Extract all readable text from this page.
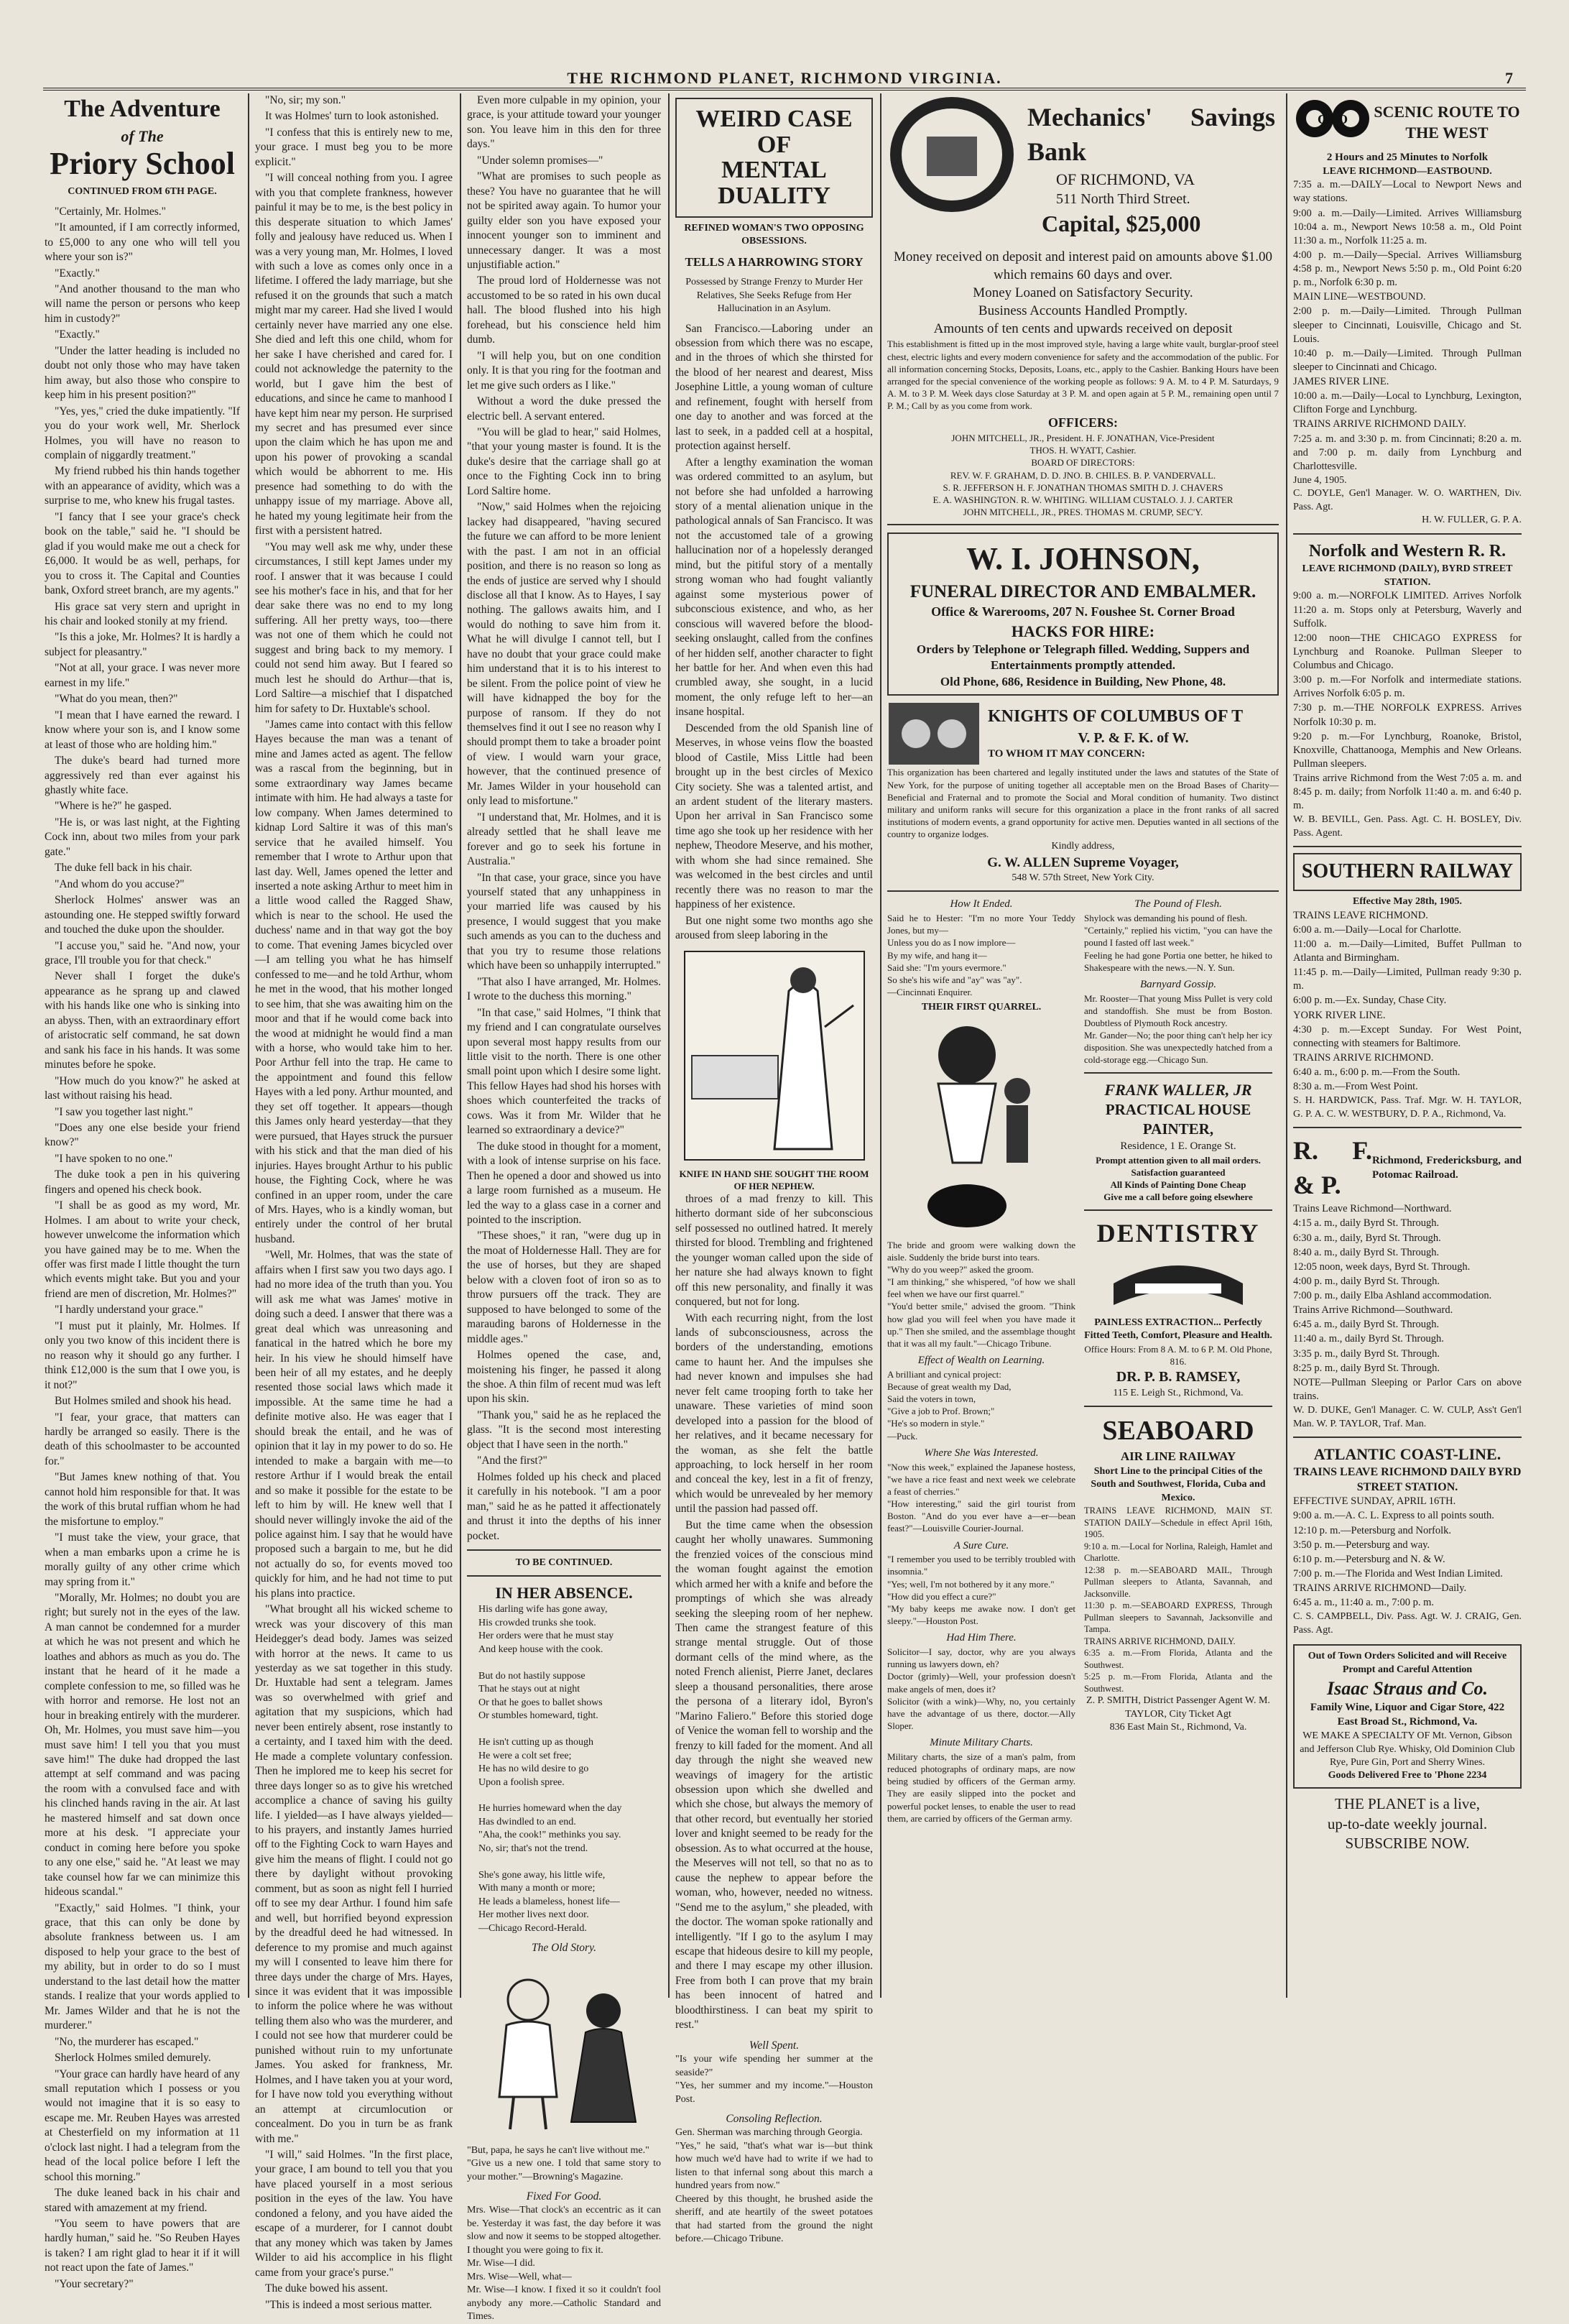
THE RICHMOND PLANET, RICHMOND VIRGINIA.	7
The Adventure
of The
Priory School
CONTINUED FROM 6TH PAGE.

"Certainly, Mr. Holmes."

"It amounted, if I am correctly informed, to £5,000 to any one who will tell you where your son is?"

"Exactly."

"And another thousand to the man who will name the person or persons who keep him in custody?"

"Exactly."

"Under the latter heading is included no doubt not only those who may have taken him away, but also those who conspire to keep him in his present position?"

"Yes, yes," cried the duke impatiently. "If you do your work well, Mr. Sherlock Holmes, you will have no reason to complain of niggardly treatment."

My friend rubbed his thin hands together with an appearance of avidity, which was a surprise to me, who knew his frugal tastes.

"I fancy that I see your grace's check book on the table," said he. "I should be glad if you would make me out a check for £6,000. It would be as well, perhaps, for you to cross it. The Capital and Counties bank, Oxford street branch, are my agents."

His grace sat very stern and upright in his chair and looked stonily at my friend.

"Is this a joke, Mr. Holmes? It is hardly a subject for pleasantry."

"Not at all, your grace. I was never more earnest in my life."

"What do you mean, then?"

"I mean that I have earned the reward. I know where your son is, and I know some at least of those who are holding him."

The duke's beard had turned more aggressively red than ever against his ghastly white face.

"Where is he?" he gasped.

"He is, or was last night, at the Fighting Cock inn, about two miles from your park gate."

The duke fell back in his chair.

"And whom do you accuse?"

Sherlock Holmes' answer was an astounding one. He stepped swiftly forward and touched the duke upon the shoulder.

"I accuse you," said he. "And now, your grace, I'll trouble you for that check."

Never shall I forget the duke's appearance as he sprang up and clawed with his hands like one who is sinking into an abyss. Then, with an extraordinary effort of aristocratic self command, he sat down and sank his face in his hands. It was some minutes before he spoke.

"How much do you know?" he asked at last without raising his head.

"I saw you together last night."

"Does any one else beside your friend know?"

"I have spoken to no one."

The duke took a pen in his quivering fingers and opened his check book.

"I shall be as good as my word, Mr. Holmes. I am about to write your check, however unwelcome the information which you have gained may be to me. When the offer was first made I little thought the turn which events might take. But you and your friend are men of discretion, Mr. Holmes?"

"I hardly understand your grace."

"I must put it plainly, Mr. Holmes. If only you two know of this incident there is no reason why it should go any further. I think £12,000 is the sum that I owe you, is it not?"

But Holmes smiled and shook his head.

"I fear, your grace, that matters can hardly be arranged so easily. There is the death of this schoolmaster to be accounted for."

"But James knew nothing of that. You cannot hold him responsible for that. It was the work of this brutal ruffian whom he had the misfortune to employ."

"I must take the view, your grace, that when a man embarks upon a crime he is morally guilty of any other crime which may spring from it."

"Morally, Mr. Holmes; no doubt you are right; but surely not in the eyes of the law. A man cannot be condemned for a murder at which he was not present and which he loathes and abhors as much as you do. The instant that he heard of it he made a complete confession to me, so filled was he with horror and remorse. He lost not an hour in breaking entirely with the murderer. Oh, Mr. Holmes, you must save him—you must save him! I tell you that you must save him!" The duke had dropped the last attempt at self command and was pacing the room with a convulsed face and with his clinched hands raving in the air. At last he mastered himself and sat down once more at his desk. "I appreciate your conduct in coming here before you spoke to any one else," said he. "At least we may take counsel how far we can minimize this hideous scandal."

"Exactly," said Holmes. "I think, your grace, that this can only be done by absolute frankness between us. I am disposed to help your grace to the best of my ability, but in order to do so I must understand to the last detail how the matter stands. I realize that your words applied to Mr. James Wilder and that he is not the murderer."

"No, the murderer has escaped."

Sherlock Holmes smiled demurely.

"Your grace can hardly have heard of any small reputation which I possess or you would not imagine that it is so easy to escape me. Mr. Reuben Hayes was arrested at Chesterfield on my information at 11 o'clock last night. I had a telegram from the head of the local police before I left the school this morning."

The duke leaned back in his chair and stared with amazement at my friend.

"You seem to have powers that are hardly human," said he. "So Reuben Hayes is taken? I am right glad to hear it if it will not react upon the fate of James."

"Your secretary?"

"No, sir; my son."

It was Holmes' turn to look astonished.

"I confess that this is entirely new to me, your grace. I must beg you to be more explicit."

"I will conceal nothing from you. I agree with you that complete frankness, however painful it may be to me, is the best policy in this desperate situation to which James' folly and jealousy have reduced us. When I was a very young man, Mr. Holmes, I loved with such a love as comes only once in a lifetime. I offered the lady marriage, but she refused it on the grounds that such a match might mar my career. Had she lived I would certainly never have married any one else. She died and left this one child, whom for her sake I have cherished and cared for. I could not acknowledge the paternity to the world, but I gave him the best of educations, and since he came to manhood I have kept him near my person. He surprised my secret and has presumed ever since upon the claim which he has upon me and upon his power of provoking a scandal which would be abhorrent to me. His presence had something to do with the unhappy issue of my marriage. Above all, he hated my young legitimate heir from the first with a persistent hatred.

"You may well ask me why, under these circumstances, I still kept James under my roof. I answer that it was because I could see his mother's face in his, and that for her dear sake there was no end to my long suffering. All her pretty ways, too—there was not one of them which he could not suggest and bring back to my memory. I could not send him away. But I feared so much lest he should do Arthur—that is, Lord Saltire—a mischief that I dispatched him for safety to Dr. Huxtable's school.

"James came into contact with this fellow Hayes because the man was a tenant of mine and James acted as agent. The fellow was a rascal from the beginning, but in some extraordinary way James became intimate with him. He had always a taste for low company. When James determined to kidnap Lord Saltire it was of this man's service that he availed himself. You remember that I wrote to Arthur upon that last day. Well, James opened the letter and inserted a note asking Arthur to meet him in a little wood called the Ragged Shaw, which is near to the school. He used the duchess' name and in that way got the boy to come. That evening James bicycled over—I am telling you what he has himself confessed to me—and he told Arthur, whom he met in the wood, that his mother longed to see him, that she was awaiting him on the moor and that if he would come back into the wood at midnight he would find a man with a horse, who would take him to her. Poor Arthur fell into the trap. He came to the appointment and found this fellow Hayes with a led pony. Arthur mounted, and they set off together. It appears—though this James only heard yesterday—that they were pursued, that Hayes struck the pursuer with his stick and that the man died of his injuries. Hayes brought Arthur to his public house, the Fighting Cock, where he was confined in an upper room, under the care of Mrs. Hayes, who is a kindly woman, but entirely under the control of her brutal husband.

"Well, Mr. Holmes, that was the state of affairs when I first saw you two days ago. I had no more idea of the truth than you. You will ask me what was James' motive in doing such a deed. I answer that there was a great deal which was unreasoning and fanatical in the hatred which he bore my heir. In his view he should himself have been heir of all my estates, and he deeply resented those social laws which made it impossible. At the same time he had a definite motive also. He was eager that I should break the entail, and he was of opinion that it lay in my power to do so. He intended to make a bargain with me—to restore Arthur if I would break the entail and so make it possible for the estate to be left to him by will. He knew well that I should never willingly invoke the aid of the police against him. I say that he would have proposed such a bargain to me, but he did not actually do so, for events moved too quickly for him, and he had not time to put his plans into practice.

"What brought all his wicked scheme to wreck was your discovery of this man Heidegger's dead body. James was seized with horror at the news. It came to us yesterday as we sat together in this study. Dr. Huxtable had sent a telegram. James was so overwhelmed with grief and agitation that my suspicions, which had never been entirely absent, rose instantly to a certainty, and I taxed him with the deed. He made a complete voluntary confession. Then he implored me to keep his secret for three days longer so as to give his wretched accomplice a chance of saving his guilty life. I yielded—as I have always yielded—to his prayers, and instantly James hurried off to the Fighting Cock to warn Hayes and give him the means of flight. I could not go there by daylight without provoking comment, but as soon as night fell I hurried off to see my dear Arthur. I found him safe and well, but horrified beyond expression by the dreadful deed he had witnessed. In deference to my promise and much against my will I consented to leave him there for three days under the charge of Mrs. Hayes, since it was evident that it was impossible to inform the police where he was without telling them also who was the murderer, and I could not see how that murderer could be punished without ruin to my unfortunate James. You asked for frankness, Mr. Holmes, and I have taken you at your word, for I have now told you everything without an attempt at circumlocution or concealment. Do you in turn be as frank with me."

"I will," said Holmes. "In the first place, your grace, I am bound to tell you that you have placed yourself in a most serious position in the eyes of the law. You have condoned a felony, and you have aided the escape of a murderer, for I cannot doubt that any money which was taken by James Wilder to aid his accomplice in his flight came from your grace's purse."

The duke bowed his assent.

"This is indeed a most serious matter.

Even more culpable in my opinion, your grace, is your attitude toward your younger son. You leave him in this den for three days."

"Under solemn promises—"

"What are promises to such people as these? You have no guarantee that he will not be spirited away again. To humor your guilty elder son you have exposed your innocent younger son to imminent and unnecessary danger. It was a most unjustifiable action."

The proud lord of Holdernesse was not accustomed to be so rated in his own ducal hall. The blood flushed into his high forehead, but his conscience held him dumb.

"I will help you, but on one condition only. It is that you ring for the footman and let me give such orders as I like."

Without a word the duke pressed the electric bell. A servant entered.

"You will be glad to hear," said Holmes, "that your young master is found. It is the duke's desire that the carriage shall go at once to the Fighting Cock inn to bring Lord Saltire home.

"Now," said Holmes when the rejoicing lackey had disappeared, "having secured the future we can afford to be more lenient with the past. I am not in an official position, and there is no reason so long as the ends of justice are served why I should disclose all that I know. As to Hayes, I say nothing. The gallows awaits him, and I would do nothing to save him from it. What he will divulge I cannot tell, but I have no doubt that your grace could make him understand that it is to his interest to be silent. From the police point of view he will have kidnapped the boy for the purpose of ransom. If they do not themselves find it out I see no reason why I should prompt them to take a broader point of view. I would warn your grace, however, that the continued presence of Mr. James Wilder in your household can only lead to misfortune."

"I understand that, Mr. Holmes, and it is already settled that he shall leave me forever and go to seek his fortune in Australia."

"In that case, your grace, since you have yourself stated that any unhappiness in your married life was caused by his presence, I would suggest that you make such amends as you can to the duchess and that you try to resume those relations which have been so unhappily interrupted."

"That also I have arranged, Mr. Holmes. I wrote to the duchess this morning."

"In that case," said Holmes, "I think that my friend and I can congratulate ourselves upon several most happy results from our little visit to the north. There is one other small point upon which I desire some light. This fellow Hayes had shod his horses with shoes which counterfeited the tracks of cows. Was it from Mr. Wilder that he learned so extraordinary a device?"

The duke stood in thought for a moment, with a look of intense surprise on his face. Then he opened a door and showed us into a large room furnished as a museum. He led the way to a glass case in a corner and pointed to the inscription.

"These shoes," it ran, "were dug up in the moat of Holdernesse Hall. They are for the use of horses, but they are shaped below with a cloven foot of iron so as to throw pursuers off the track. They are supposed to have belonged to some of the marauding barons of Holdernesse in the middle ages."

Holmes opened the case, and, moistening his finger, he passed it along the shoe. A thin film of recent mud was left upon his skin.

"Thank you," said he as he replaced the glass. "It is the second most interesting object that I have seen in the north."

"And the first?"

Holmes folded up his check and placed it carefully in his notebook. "I am a poor man," said he as he patted it affectionately and thrust it into the depths of his inner pocket.

TO BE CONTINUED.
IN HER ABSENCE.
His darling wife has gone away,
His crowded trunks she took.
Her orders were that he must stay
And keep house with the cook.

But do not hastily suppose
That he stays out at night
Or that he goes to ballet shows
Or stumbles homeward, tight.

He isn't cutting up as though
He were a colt set free;
He has no wild desire to go
Upon a foolish spree.

He hurries homeward when the day
Has dwindled to an end.
"Aha, the cook!" methinks you say.
No, sir; that's not the trend.

She's gone away, his little wife,
With many a month or more;
He leads a blameless, honest life—
Her mother lives next door.
—Chicago Record-Herald.
The Old Story.
"But, papa, he says he can't live without me."
"Give us a new one. I told that same story to your mother."—Browning's Magazine.
Fixed For Good.
Mrs. Wise—That clock's an eccentric as it can be. Yesterday it was fast, the day before it was slow and now it seems to be stopped altogether. I thought you were going to fix it.
Mr. Wise—I did.
Mrs. Wise—Well, what—
Mr. Wise—I know. I fixed it so it couldn't fool anybody any more.—Catholic Standard and Times.
WEIRD CASE OF
MENTAL DUALITY
REFINED WOMAN'S TWO OPPOSING OBSESSIONS.
TELLS A HARROWING STORY
Possessed by Strange Frenzy to Murder Her Relatives, She Seeks Refuge from Her Hallucination in an Asylum.

San Francisco.—Laboring under an obsession from which there was no escape, and in the throes of which she thirsted for the blood of her nearest and dearest, Miss Josephine Little, a young woman of culture and refinement, fought with herself from one day to another and was forced at the last to seek, in a padded cell at a hospital, protection against herself.

After a lengthy examination the woman was ordered committed to an asylum, but not before she had unfolded a harrowing story of a mental alienation unique in the pathological annals of San Francisco. It was not the accustomed tale of a growing hallucination nor of a hopelessly deranged mind, but the pitiful story of a mentally strong woman who had fought valiantly against some mysterious power of subconscious existence, and who, as her conscious will wavered before the blood-seeking onslaught, called from the confines of her hidden self, another character to fight her battle for her. And when even this had crumbled away, she sought, in a lucid moment, the only refuge left to her—an insane hospital.

Descended from the old Spanish line of Meserves, in whose veins flow the boasted blood of Castile, Miss Little had been brought up in the best circles of Mexico City society. She was a talented artist, and an ardent student of the literary masters. Upon her arrival in San Francisco some time ago she took up her residence with her nephew, Theodore Meserve, and his mother, with whom she had since remained. She was welcomed in the best circles and until recently there was no reason to mar the happiness of her existence.

But one night some two months ago she aroused from sleep laboring in the

KNIFE IN HAND SHE SOUGHT THE ROOM OF HER NEPHEW.

throes of a mad frenzy to kill. This hitherto dormant side of her subconscious self possessed no outlined hatred. It merely thirsted for blood. Trembling and frightened the younger woman called upon the side of her nature she had always known to fight off this new personality, and finally it was conquered, but not for long.

With each recurring night, from the lost lands of subconsciousness, across the borders of the understanding, emotions came to haunt her. And the impulses she had never known and impulses she had never felt came trooping forth to take her unaware. These varieties of mind soon developed into a passion for the blood of her relatives, and it became necessary for the woman, as she felt the battle approaching, to lock herself in her room and conceal the key, lest in a fit of frenzy, which would be unrevealed by her memory until the passion had passed off.

But the time came when the obsession caught her wholly unawares. Summoning the frenzied voices of the conscious mind the woman fought against the emotion which armed her with a knife and before the promptings of which she was already seeking the sleeping room of her nephew. Then came the strangest feature of this strange mental struggle. Out of those dormant cells of the mind where, as the noted French alienist, Pierre Janet, declares sleep a thousand personalities, there arose the persona of a literary idol, Byron's "Marino Faliero." Before this storied doge of Venice the woman fell to worship and the frenzy to kill faded for the moment. And all day through the night she weaved new weavings of imagery for the artistic obsession upon which she dwelled and which she chose, but always the memory of that other record, but eventually her storied lover and knight seemed to be ready for the obsession. As to what occurred at the house, the Meserves will not tell, so that no as to cause the nephew to appear before the woman, who, however, needed no witness. "Send me to the asylum," she pleaded, with the doctor. The woman spoke rationally and intelligently. "If I go to the asylum I may escape that hideous desire to kill my people, and there I may escape my other illusion. Free from both I can prove that my brain has been innocent of hatred and bloodthirstiness. I can beat my spirit to rest."

Well Spent.
"Is your wife spending her summer at the seaside?"
"Yes, her summer and my income."—Houston Post.
Consoling Reflection.
Gen. Sherman was marching through Georgia.
"Yes," he said, "that's what war is—but think how much we'd have had to write if we had to listen to that infernal song about this march a hundred years from now."
Cheered by this thought, he brushed aside the sheriff, and ate heartily of the sweet potatoes that had started from the ground the night before.—Chicago Tribune.
Mechanics' Savings Bank
OF RICHMOND, VA
511 North Third Street.
Capital, $25,000
Money received on deposit and interest paid on amounts above $1.00 which remains 60 days and over.
Money Loaned on Satisfactory Security.
Business Accounts Handled Promptly.
Amounts of ten cents and upwards received on deposit
This establishment is fitted up in the most improved style, having a large white vault, burglar-proof steel chest, electric lights and every modern convenience for safety and the accommodation of the public. For all information concerning Stocks, Deposits, Loans, etc., apply to the Cashier. Banking Hours have been arranged for the special convenience of the working people as follows: 9 A. M. to 4 P. M. Saturdays, 9 A. M. to 3 P. M. Week days close Saturday at 3 P. M. and open again at 5 P. M., remaining open until 7 P. M.; Call by as you come from work.
OFFICERS:
JOHN MITCHELL, JR., President. H. F. JONATHAN, Vice-President
THOS. H. WYATT, Cashier.
BOARD OF DIRECTORS:
REV. W. F. GRAHAM, D. D. JNO. B. CHILES. B. P. VANDERVALL.
S. R. JEFFERSON H. F. JONATHAN THOMAS SMITH D. J. CHAVERS
E. A. WASHINGTON. R. W. WHITING. WILLIAM CUSTALO. J. J. CARTER
JOHN MITCHELL, JR., PRES. THOMAS M. CRUMP, SEC'Y.
W. I. JOHNSON,
FUNERAL DIRECTOR AND EMBALMER.
Office & Warerooms, 207 N. Foushee St. Corner Broad
HACKS FOR HIRE:
Orders by Telephone or Telegraph filled. Wedding, Suppers and Entertainments promptly attended.
Old Phone, 686, Residence in Building, New Phone, 48.
KNIGHTS OF COLUMBUS OF T
V. P. & F. K. of W.
TO WHOM IT MAY CONCERN:
This organization has been chartered and legally instituted under the laws and statutes of the State of New York, for the purpose of uniting together all acceptable men on the Broad Bases of Charity—Beneficial and Fraternal and to promote the Social and Moral condition of humanity. Two distinct military and uniform ranks will secure for this organization a place in the front ranks of all sacred institutions of modern events, a grand opportunity for active men. Deputies wanted in all sections of the country to organize lodges.
Kindly address,
G. W. ALLEN Supreme Voyager,
548 W. 57th Street, New York City.
How It Ended.
Said he to Hester: "I'm no more Your Teddy Jones, but my—
Unless you do as I now implore—
By my wife, and hang it—
Said she: "I'm yours evermore."
So she's his wife and "ay" was "ay".
—Cincinnati Enquirer.
THEIR FIRST QUARREL.
The bride and groom were walking down the aisle. Suddenly the bride burst into tears.
"Why do you weep?" asked the groom.
"I am thinking," she whispered, "of how we shall feel when we have our first quarrel."
"You'd better smile," advised the groom. "Think how glad you will feel when you have made it up." Then she smiled, and the assemblage thought that it was all my fault."—Chicago Tribune.
Effect of Wealth on Learning.
A brilliant and cynical project:
Because of great wealth my Dad,
Said the voters in town,
"Give a job to Prof. Brown;"
"He's so modern in style."
—Puck.
Where She Was Interested.
"Now this week," explained the Japanese hostess, "we have a rice feast and next week we celebrate a feast of cherries."
"How interesting," said the girl tourist from Boston. "And do you ever have a—er—bean feast?"—Louisville Courier-Journal.
A Sure Cure.
"I remember you used to be terribly troubled with insomnia."
"Yes; well, I'm not bothered by it any more."
"How did you effect a cure?"
"My baby keeps me awake now. I don't get sleepy."—Houston Post.
Had Him There.
Solicitor—I say, doctor, why are you always running us lawyers down, eh?
Doctor (grimly)—Well, your profession doesn't make angels of men, does it?
Solicitor (with a wink)—Why, no, you certainly have the advantage of us there, doctor.—Ally Sloper.
Minute Military Charts.
Military charts, the size of a man's palm, from reduced photographs of ordinary maps, are now being studied by officers of the German army. They are easily slipped into the pocket and powerful pocket lenses, to enable the user to read them, are carried by officers of the German army.
The Pound of Flesh.
Shylock was demanding his pound of flesh.
"Certainly," replied his victim, "you can have the pound I fasted off last week."
Feeling he had gone Portia one better, he hiked to Shakespeare with the news.—N. Y. Sun.
Barnyard Gossip.
Mr. Rooster—That young Miss Pullet is very cold and standoffish. She must be from Boston. Doubtless of Plymouth Rock ancestry.
Mr. Gander—No; the poor thing can't help her icy disposition. She was unexpectedly hatched from a cold-storage egg.—Chicago Sun.
FRANK WALLER, JR
PRACTICAL HOUSE PAINTER,
Residence, 1 E. Orange St.
Prompt attention given to all mail orders. Satisfaction guaranteed
All Kinds of Painting Done Cheap
Give me a call before going elsewhere
DENTISTRY
PAINLESS EXTRACTION... Perfectly Fitted Teeth, Comfort, Pleasure and Health.
Office Hours: From 8 A. M. to 6 P. M. Old Phone, 816.
DR. P. B. RAMSEY,
115 E. Leigh St., Richmond, Va.
SEABOARD
AIR LINE RAILWAY
Short Line to the principal Cities of the South and Southwest, Florida, Cuba and Mexico.
TRAINS LEAVE RICHMOND, MAIN ST. STATION DAILY—Schedule in effect April 16th, 1905.
9:10 a. m.—Local for Norlina, Raleigh, Hamlet and Charlotte.
12:38 p. m.—SEABOARD MAIL, Through Pullman sleepers to Atlanta, Savannah, and Jacksonville.
11:30 p. m.—SEABOARD EXPRESS, Through Pullman sleepers to Savannah, Jacksonville and Tampa.
TRAINS ARRIVE RICHMOND, DAILY.
6:35 a. m.—From Florida, Atlanta and the Southwest.
5:25 p. m.—From Florida, Atlanta and the Southwest.
Z. P. SMITH, District Passenger Agent W. M. TAYLOR, City Ticket Agt
836 East Main St., Richmond, Va.
C&O SCENIC ROUTE TO THE WEST
2 Hours and 25 Minutes to Norfolk
LEAVE RICHMOND—EASTBOUND.

7:35 a. m.—DAILY—Local to Newport News and way stations.

9:00 a. m.—Daily—Limited. Arrives Williamsburg 10:04 a. m., Newport News 10:58 a. m., Old Point 11:30 a. m., Norfolk 11:25 a. m.

4:00 p. m.—Daily—Special. Arrives Williamsburg 4:58 p. m., Newport News 5:50 p. m., Old Point 6:20 p. m., Norfolk 6:30 p. m.

MAIN LINE—WESTBOUND.

2:00 p. m.—Daily—Limited. Through Pullman sleeper to Cincinnati, Louisville, Chicago and St. Louis.

10:40 p. m.—Daily—Limited. Through Pullman sleeper to Cincinnati and Chicago.

JAMES RIVER LINE.

10:00 a. m.—Daily—Local to Lynchburg, Lexington, Clifton Forge and Lynchburg.

TRAINS ARRIVE RICHMOND DAILY.

7:25 a. m. and 3:30 p. m. from Cincinnati; 8:20 a. m. and 7:00 p. m. daily from Lynchburg and Charlottesville.

June 4, 1905.
C. DOYLE, Gen'l Manager. W. O. WARTHEN, Div. Pass. Agt.
H. W. FULLER, G. P. A.
Norfolk and Western R. R.
LEAVE RICHMOND (DAILY), BYRD STREET STATION.

9:00 a. m.—NORFOLK LIMITED. Arrives Norfolk 11:20 a. m. Stops only at Petersburg, Waverly and Suffolk.

12:00 noon—THE CHICAGO EXPRESS for Lynchburg and Roanoke. Pullman Sleeper to Columbus and Chicago.

3:00 p. m.—For Norfolk and intermediate stations. Arrives Norfolk 6:05 p. m.

7:30 p. m.—THE NORFOLK EXPRESS. Arrives Norfolk 10:30 p. m.

9:20 p. m.—For Lynchburg, Roanoke, Bristol, Knoxville, Chattanooga, Memphis and New Orleans. Pullman sleepers.

Trains arrive Richmond from the West 7:05 a. m. and 8:45 p. m. daily; from Norfolk 11:40 a. m. and 6:40 p. m.

W. B. BEVILL, Gen. Pass. Agt. C. H. BOSLEY, Div. Pass. Agent.
SOUTHERN RAILWAY
Effective May 28th, 1905.

TRAINS LEAVE RICHMOND.

6:00 a. m.—Daily—Local for Charlotte.

11:00 a. m.—Daily—Limited, Buffet Pullman to Atlanta and Birmingham.

11:45 p. m.—Daily—Limited, Pullman ready 9:30 p. m.

6:00 p. m.—Ex. Sunday, Chase City.

YORK RIVER LINE.

4:30 p. m.—Except Sunday. For West Point, connecting with steamers for Baltimore.

TRAINS ARRIVE RICHMOND.

6:40 a. m., 6:00 p. m.—From the South.

8:30 a. m.—From West Point.

S. H. HARDWICK, Pass. Traf. Mgr. W. H. TAYLOR, G. P. A. C. W. WESTBURY, D. P. A., Richmond, Va.
R. F. & P.
Richmond, Fredericksburg, and Potomac Railroad.

Trains Leave Richmond—Northward.

4:15 a. m., daily Byrd St. Through.

6:30 a. m., daily, Byrd St. Through.

8:40 a. m., daily Byrd St. Through.

12:05 noon, week days, Byrd St. Through.

4:00 p. m., daily Byrd St. Through.

7:00 p. m., daily Elba Ashland accommodation.

Trains Arrive Richmond—Southward.

6:45 a. m., daily Byrd St. Through.

11:40 a. m., daily Byrd St. Through.

3:35 p. m., daily Byrd St. Through.

8:25 p. m., daily Byrd St. Through.

NOTE—Pullman Sleeping or Parlor Cars on above trains.

W. D. DUKE, Gen'l Manager. C. W. CULP, Ass't Gen'l Man. W. P. TAYLOR, Traf. Man.
ATLANTIC COAST-LINE.
TRAINS LEAVE RICHMOND DAILY BYRD STREET STATION.

EFFECTIVE SUNDAY, APRIL 16TH.

9:00 a. m.—A. C. L. Express to all points south.

12:10 p. m.—Petersburg and Norfolk.

3:50 p. m.—Petersburg and way.

6:10 p. m.—Petersburg and N. & W.

7:00 p. m.—The Florida and West Indian Limited.

TRAINS ARRIVE RICHMOND—Daily.

6:45 a. m., 11:40 a. m., 7:00 p. m.

C. S. CAMPBELL, Div. Pass. Agt. W. J. CRAIG, Gen. Pass. Agt.
Out of Town Orders Solicited and will Receive Prompt and Careful Attention
Isaac Straus and Co.
Family Wine, Liquor and Cigar Store, 422 East Broad St., Richmond, Va.
WE MAKE A SPECIALTY OF Mt. Vernon, Gibson and Jefferson Club Rye. Whisky, Old Dominion Club Rye, Pure Gin, Port and Sherry Wines.
Goods Delivered Free to 'Phone 2234
THE PLANET is a live,
up-to-date weekly journal.
SUBSCRIBE NOW.
